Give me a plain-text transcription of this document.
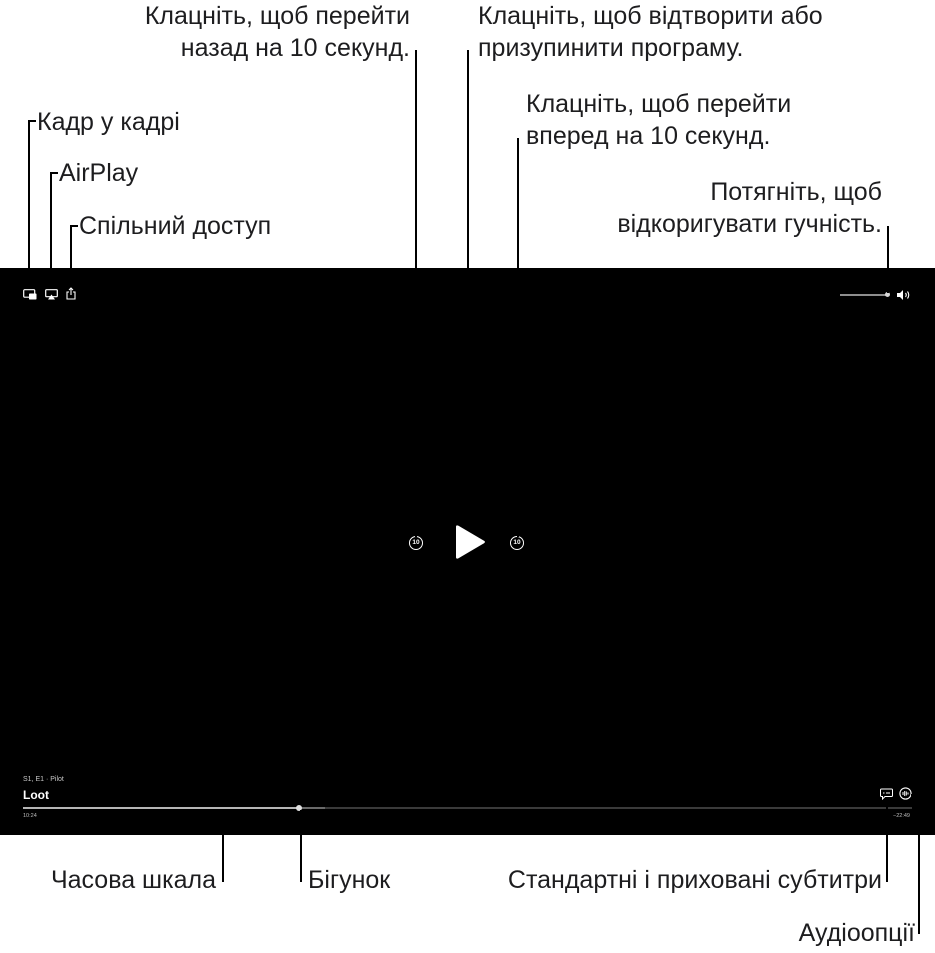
Клацніть, щоб перейти
назад на 10 секунд.
Клацніть, щоб відтворити або
призупинити програму.
Клацніть, щоб перейти
вперед на 10 секунд.
Потягніть, щоб
відкоригувати гучність.
Кадр у кадрі
AirPlay
Спільний доступ
Часова шкала	Бігунок	Стандартні і приховані субтитри
Аудіоопції
10	10
S1, E1 · Pilot
Loot
10:24	−22:49
